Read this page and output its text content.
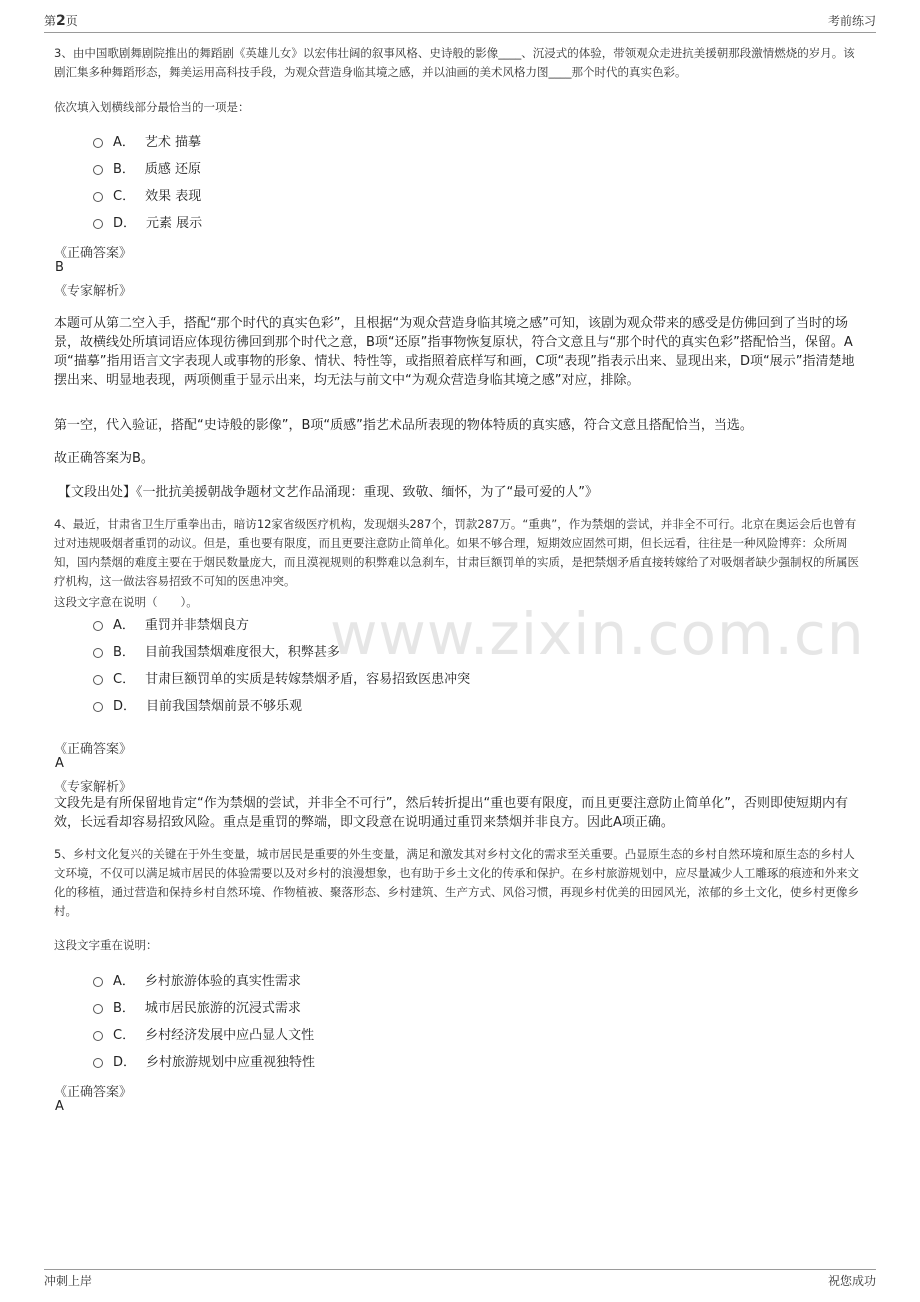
第2页	考前练习
www.zixin.com.cn
3、由中国歌剧舞剧院推出的舞蹈剧《英雄儿女》以宏伟壮阔的叙事风格、史诗般的影像____、沉浸式的体验，带领观众走进抗美援朝那段激情燃烧的岁月。该剧汇集多种舞蹈形态，舞美运用高科技手段，为观众营造身临其境之感，并以油画的美术风格力图____那个时代的真实色彩。
依次填入划横线部分最恰当的一项是：
A． 艺术 描摹
B． 质感 还原
C． 效果 表现
D． 元素 展示
《正确答案》
B
《专家解析》
本题可从第二空入手，搭配“那个时代的真实色彩”，且根据“为观众营造身临其境之感”可知，该剧为观众带来的感受是仿佛回到了当时的场景，故横线处所填词语应体现彷彿回到那个时代之意，B项“还原”指事物恢复原状，符合文意且与“那个时代的真实色彩”搭配恰当，保留。A项“描摹”指用语言文字表现人或事物的形象、情状、特性等，或指照着底样写和画，C项“表现”指表示出来、显现出来，D项“展示”指清楚地摆出来、明显地表现，两项侧重于显示出来，均无法与前文中“为观众营造身临其境之感”对应，排除。
第一空，代入验证，搭配“史诗般的影像”，B项“质感”指艺术品所表现的物体特质的真实感，符合文意且搭配恰当，当选。
故正确答案为B。
【文段出处】《一批抗美援朝战争题材文艺作品涌现：重现、致敬、缅怀，为了“最可爱的人”》
4、最近，甘肃省卫生厅重拳出击，暗访12家省级医疗机构，发现烟头287个，罚款287万。“重典”，作为禁烟的尝试，并非全不可行。北京在奥运会后也曾有过对违规吸烟者重罚的动议。但是，重也要有限度，而且更要注意防止简单化。如果不够合理，短期效应固然可期，但长远看，往往是一种风险博弈：众所周知，国内禁烟的难度主要在于烟民数量庞大，而且漠视规则的积弊难以急刹车，甘肃巨额罚单的实质，是把禁烟矛盾直接转嫁给了对吸烟者缺少强制权的所属医疗机构，这一做法容易招致不可知的医患冲突。
这段文字意在说明（　　）。
A． 重罚并非禁烟良方
B． 目前我国禁烟难度很大，积弊甚多
C． 甘肃巨额罚单的实质是转嫁禁烟矛盾，容易招致医患冲突
D． 目前我国禁烟前景不够乐观
《正确答案》
A
《专家解析》
文段先是有所保留地肯定“作为禁烟的尝试，并非全不可行”，然后转折提出“重也要有限度，而且更要注意防止简单化”，否则即使短期内有效，长远看却容易招致风险。重点是重罚的弊端，即文段意在说明通过重罚来禁烟并非良方。因此A项正确。
5、乡村文化复兴的关键在于外生变量，城市居民是重要的外生变量，满足和激发其对乡村文化的需求至关重要。凸显原生态的乡村自然环境和原生态的乡村人文环境，不仅可以满足城市居民的体验需要以及对乡村的浪漫想象，也有助于乡土文化的传承和保护。在乡村旅游规划中，应尽量减少人工雕琢的痕迹和外来文化的移植，通过营造和保持乡村自然环境、作物植被、聚落形态、乡村建筑、生产方式、风俗习惯，再现乡村优美的田园风光，浓郁的乡土文化，使乡村更像乡村。
这段文字重在说明：
A． 乡村旅游体验的真实性需求
B． 城市居民旅游的沉浸式需求
C． 乡村经济发展中应凸显人文性
D． 乡村旅游规划中应重视独特性
《正确答案》
A
冲刺上岸	祝您成功
